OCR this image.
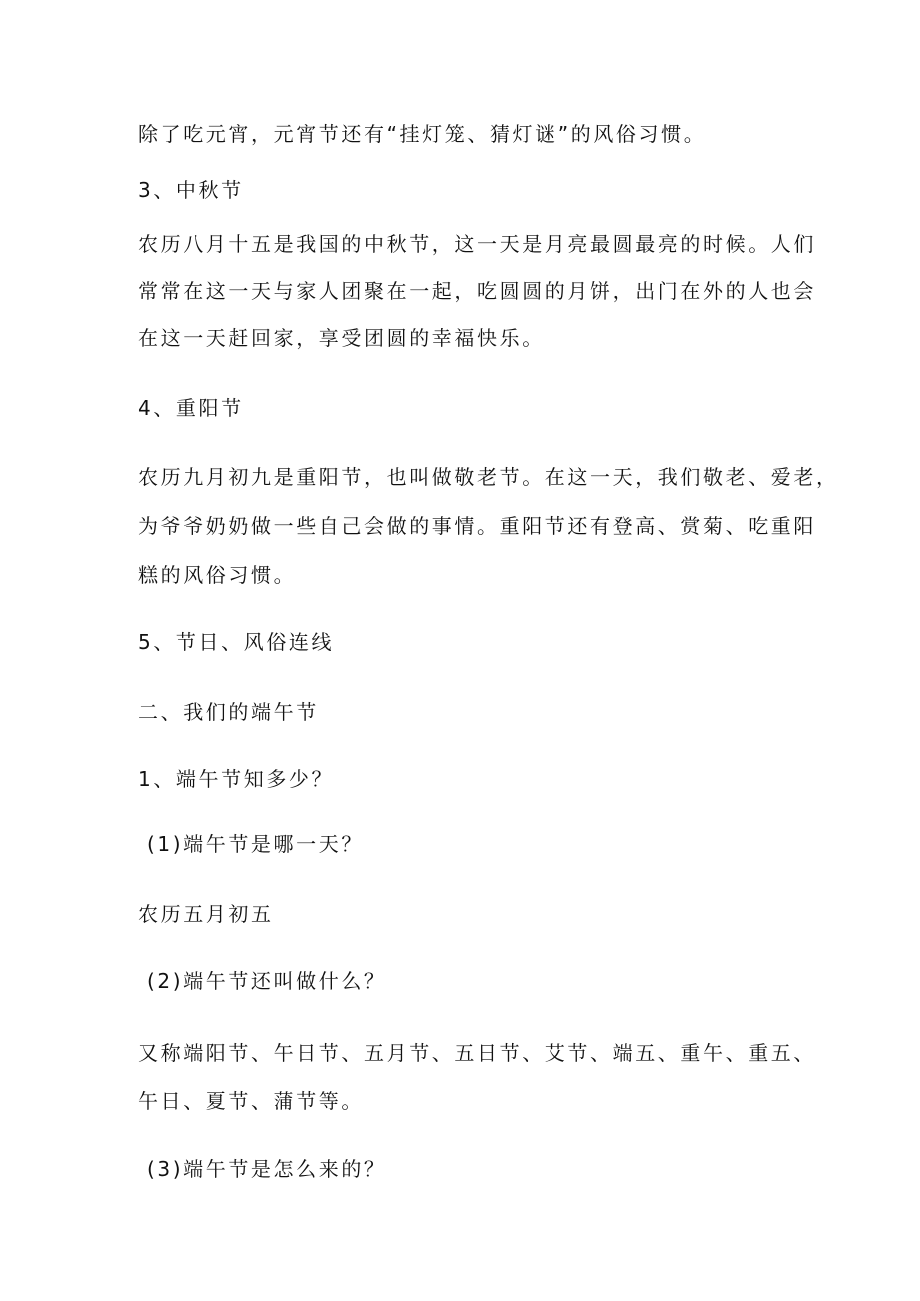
除了吃元宵，元宵节还有“挂灯笼、猜灯谜”的风俗习惯。
3、中秋节
农历八月十五是我国的中秋节，这一天是月亮最圆最亮的时候。人们
常常在这一天与家人团聚在一起，吃圆圆的月饼，出门在外的人也会
在这一天赶回家，享受团圆的幸福快乐。
4、重阳节
农历九月初九是重阳节，也叫做敬老节。在这一天，我们敬老、爱老，
为爷爷奶奶做一些自己会做的事情。重阳节还有登高、赏菊、吃重阳
糕的风俗习惯。
5、节日、风俗连线
二、我们的端午节
1、端午节知多少？
(1)端午节是哪一天？
农历五月初五
(2)端午节还叫做什么？
又称端阳节、午日节、五月节、五日节、艾节、端五、重午、重五、
午日、夏节、蒲节等。
(3)端午节是怎么来的？
